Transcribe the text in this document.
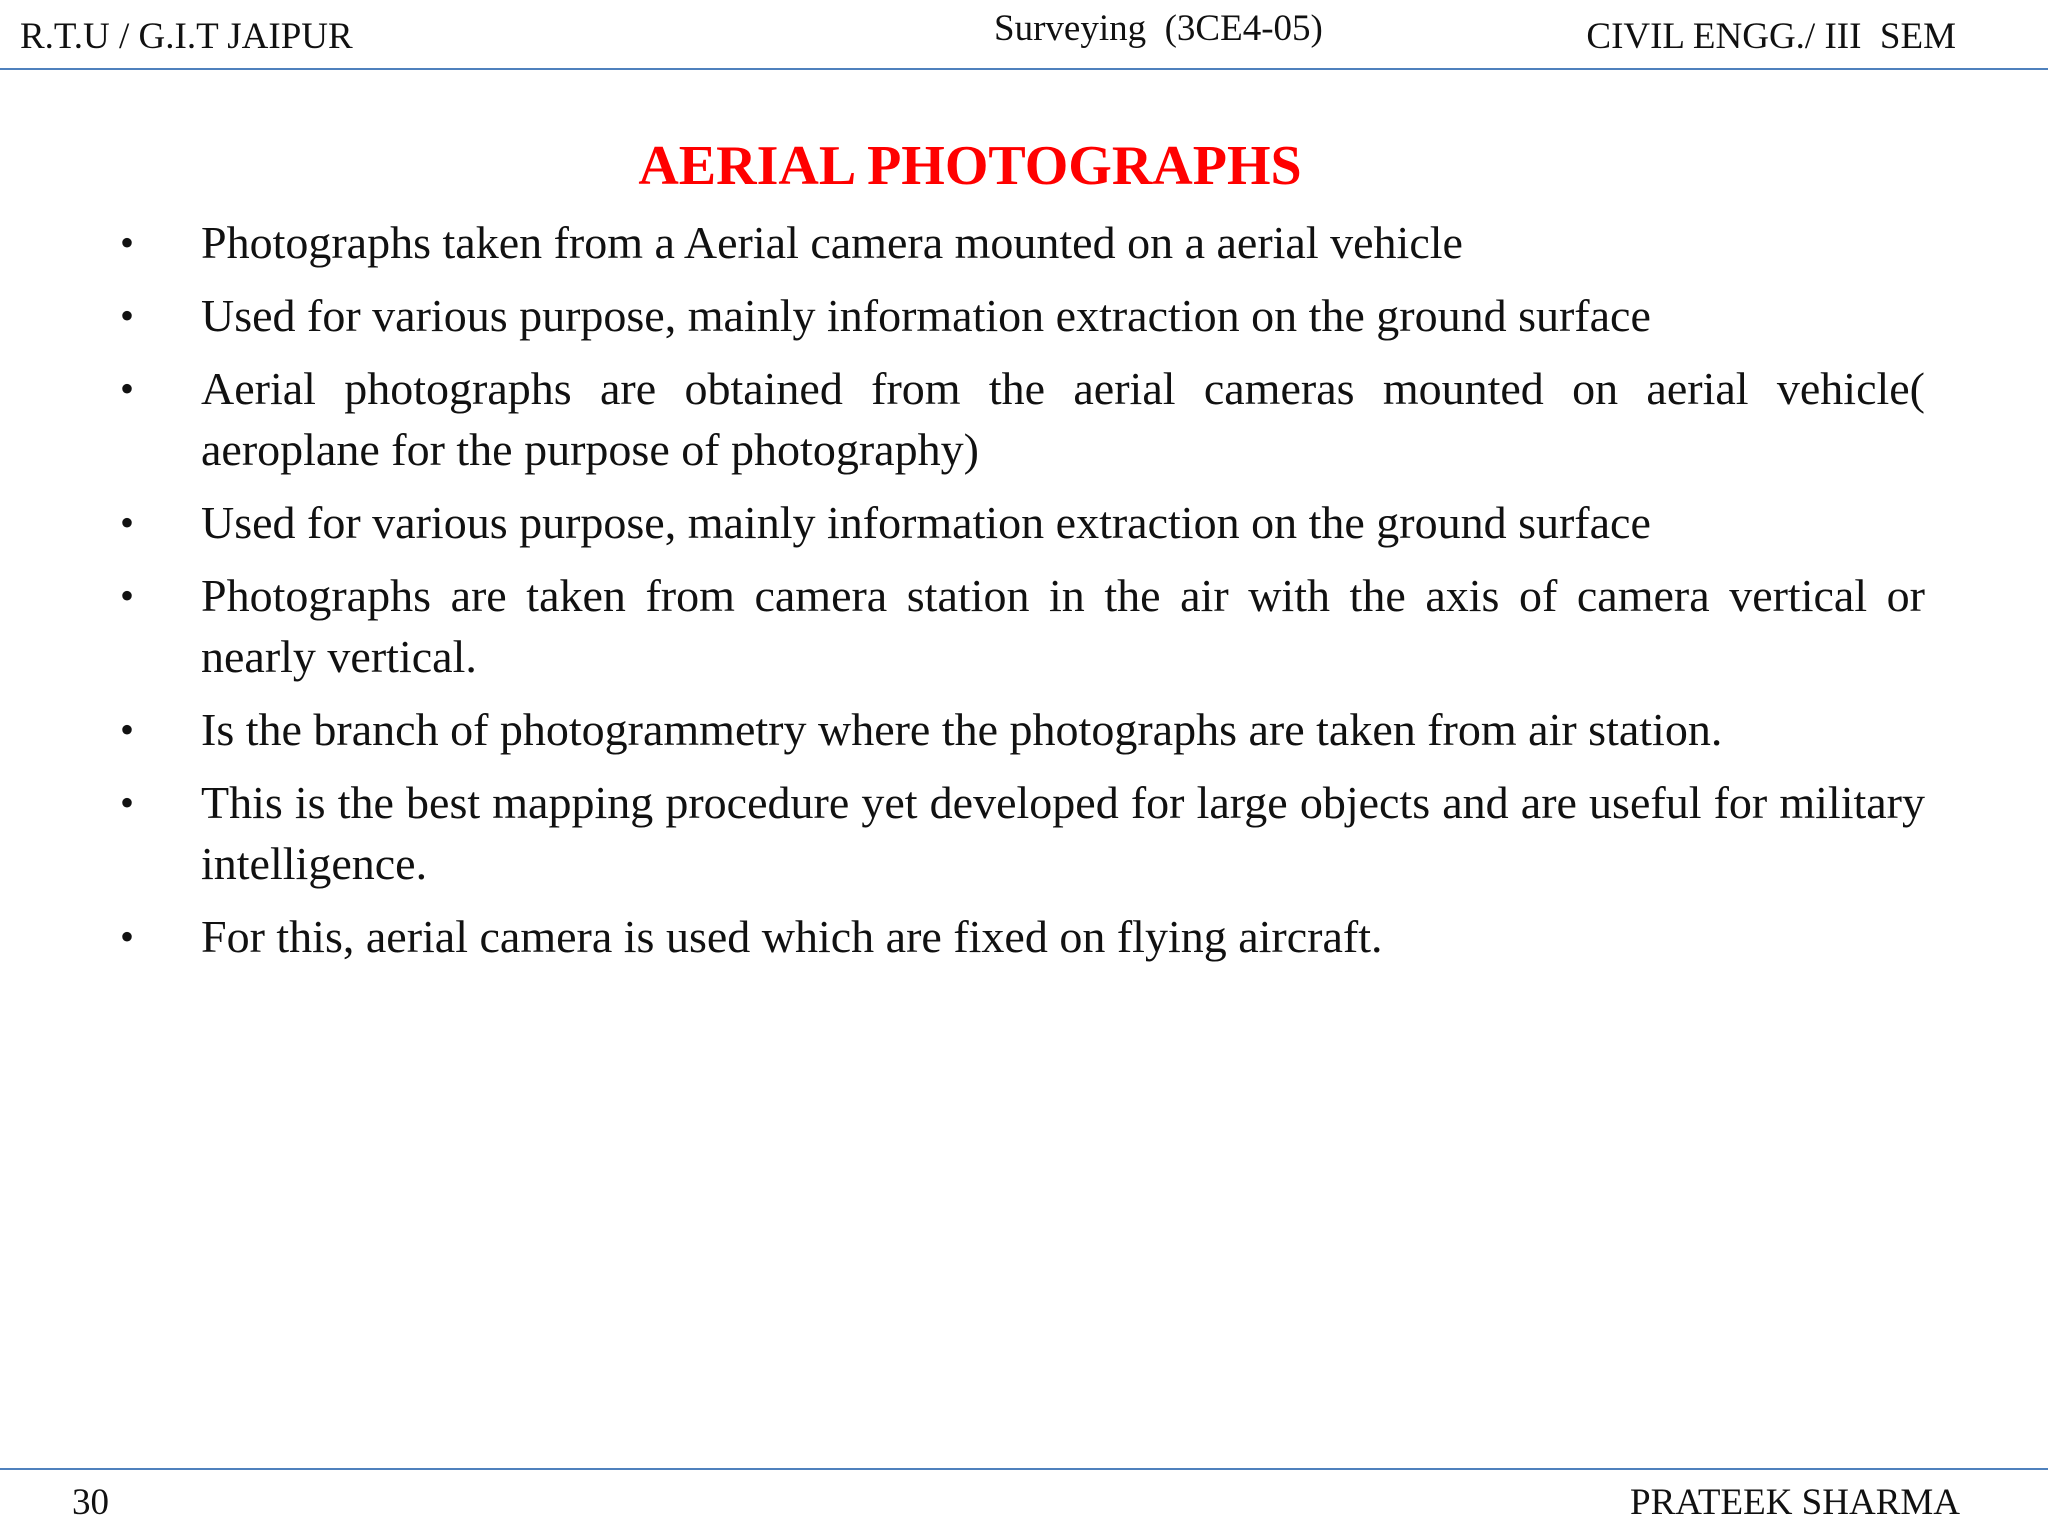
R.T.U / G.I.T JAIPUR	Surveying  (3CE4-05)	CIVIL ENGG./ III  SEM
AERIAL PHOTOGRAPHS
•	Photographs taken from a Aerial camera mounted on a aerial vehicle
•	Used for various purpose, mainly information extraction on the ground surface
•	Aerial photographs are obtained from the aerial cameras mounted on aerial vehicle( aeroplane for the purpose of photography)
•	Used for various purpose, mainly information extraction on the ground surface
•	Photographs are taken from camera station in the air with the axis of camera vertical or nearly vertical.
•	Is the branch of photogrammetry where the photographs are taken from air station.
•	This is the best mapping procedure yet developed for large objects and are useful for military intelligence.
•	For this, aerial camera is used which are fixed on flying aircraft.
30	PRATEEK SHARMA
